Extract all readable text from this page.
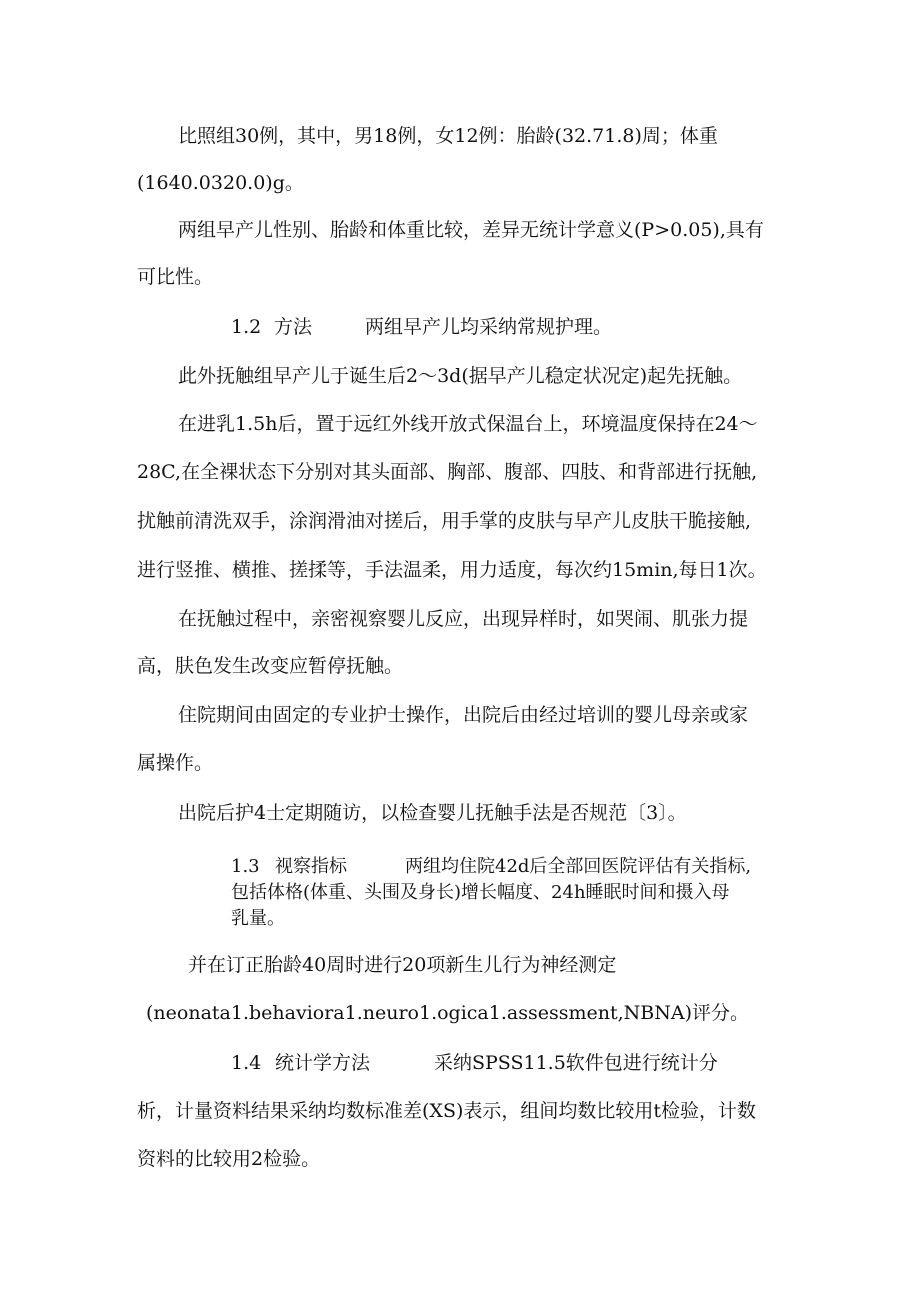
比照组30例，其中，男18例，女12例：胎龄(32.71.8)周；体重
(1640.0320.0)g。
两组早产儿性别、胎龄和体重比较，差异无统计学意义(P>0.05),具有
可比性。
1.2 方法	两组早产儿均采纳常规护理。
此外抚触组早产儿于诞生后2～3d(据早产儿稳定状况定)起先抚触。
在进乳1.5h后，置于远红外线开放式保温台上，环境温度保持在24～
28C,在全裸状态下分别对其头面部、胸部、腹部、四肢、和背部进行抚触,
扰触前清洗双手，涂润滑油对搓后，用手掌的皮肤与早产儿皮肤干脆接触,
进行竖推、横推、搓揉等，手法温柔，用力适度，每次约15min,每日1次。
在抚触过程中，亲密视察婴儿反应，出现异样时，如哭闹、肌张力提
高，肤色发生改变应暂停抚触。
住院期间由固定的专业护士操作，出院后由经过培训的婴儿母亲或家
属操作。
出院后护4士定期随访，以检查婴儿抚触手法是否规范〔3〕。
1.3 视察指标	两组均住院42d后全部回医院评估有关指标,
包括体格(体重、头围及身长)增长幅度、24h睡眠时间和摄入母
乳量。
并在订正胎龄40周时进行20项新生儿行为神经测定
(neonata1.behaviora1.neuro1.ogica1.assessment,NBNA)评分。
1.4 统计学方法	采纳SPSS11.5软件包进行统计分
析，计量资料结果采纳均数标准差(XS)表示，组间均数比较用t检验，计数
资料的比较用2检验。
